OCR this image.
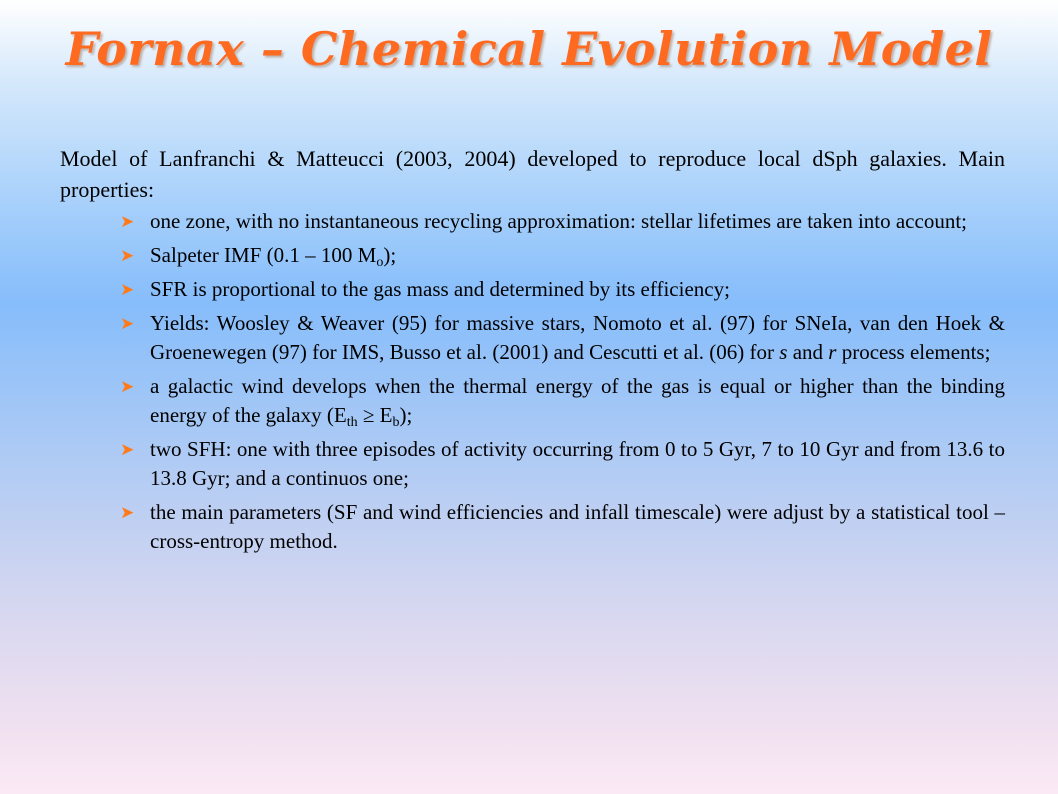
Fornax – Chemical Evolution Model

Model of Lanfranchi & Matteucci (2003, 2004) developed to reproduce local dSph galaxies. Main properties:

➤ one zone, with no instantaneous recycling approximation: stellar lifetimes are taken into account;
➤ Salpeter IMF (0.1 – 100 $M_o$);
➤ SFR is proportional to the gas mass and determined by its efficiency;
➤ Yields: Woosley & Weaver (95) for massive stars, Nomoto et al. (97) for SNeIa, van den Hoek & Groenewegen (97) for IMS, Busso et al. (2001) and Cescutti et al. (06) for s and r process elements;
➤ a galactic wind develops when the thermal energy of the gas is equal or higher than the binding energy of the galaxy $(E_{th} \ge E_b)$;
➤ two SFH: one with three episodes of activity occurring from 0 to 5 Gyr, 7 to 10 Gyr and from 13.6 to 13.8 Gyr; and a continuos one;
➤ the main parameters (SF and wind efficiencies and infall timescale) were adjust by a statistical tool – cross-entropy method.
